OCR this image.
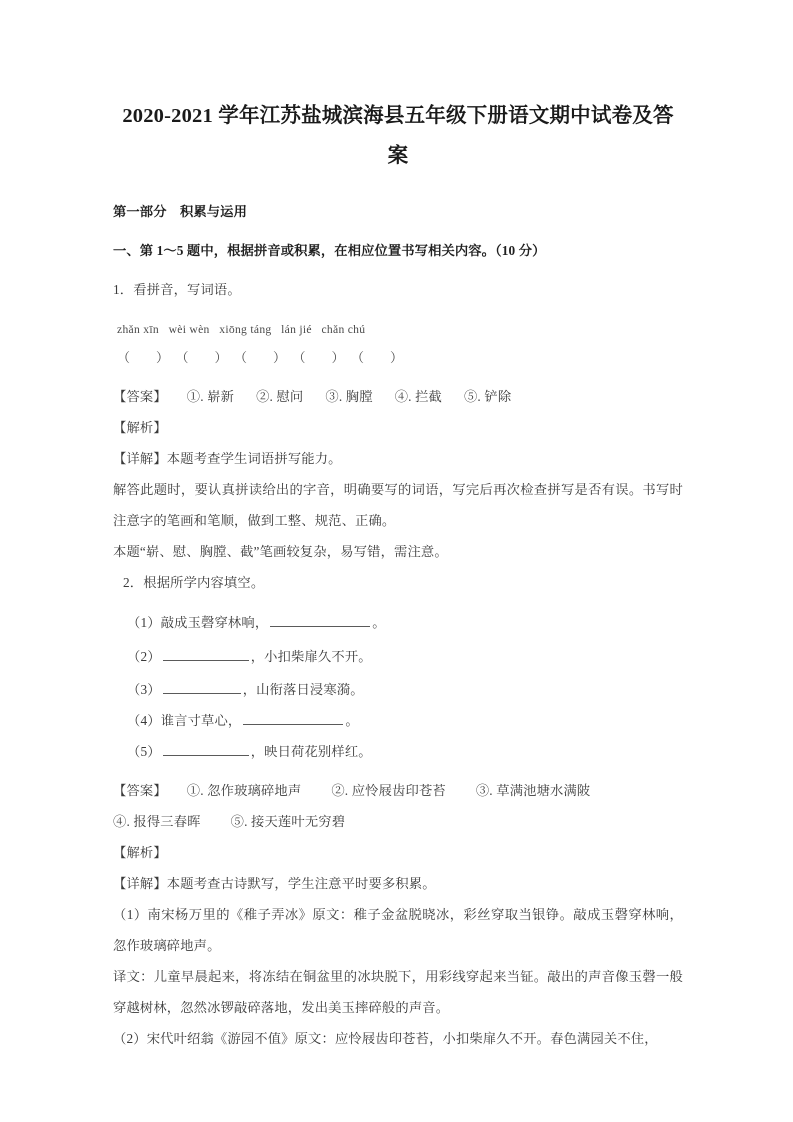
2020-2021 学年江苏盐城滨海县五年级下册语文期中试卷及答案

第一部分　积累与运用

一、第 1～5 题中，根据拼音或积累，在相应位置书写相关内容。（10 分）

1．看拼音，写词语。

zhǎn xīn   wèi wèn   xiōng táng   lán jié   chǎn chú
（        ）  （        ）  （        ）  （        ）  （        ）
【答案】 ①. 崭新 ②. 慰问 ③. 胸膛 ④. 拦截 ⑤. 铲除

【解析】

【详解】本题考查学生词语拼写能力。

解答此题时，要认真拼读给出的字音，明确要写的词语，写完后再次检查拼写是否有误。书写时注意字的笔画和笔顺，做到工整、规范、正确。

本题“崭、慰、胸膛、截”笔画较复杂，易写错，需注意。

2．根据所学内容填空。

（1）敲成玉磬穿林响，	。
（2）	，小扣柴扉久不开。
（3）	，山衔落日浸寒漪。
（4）谁言寸草心，	。
（5）	，映日荷花别样红。
【答案】 ①. 忽作玻璃碎地声 ②. 应怜屐齿印苍苔 ③. 草满池塘水满陂④. 报得三春晖 ⑤. 接天莲叶无穷碧

【解析】

【详解】本题考查古诗默写，学生注意平时要多积累。

（1）南宋杨万里的《稚子弄冰》原文：稚子金盆脱晓冰，彩丝穿取当银铮。敲成玉磬穿林响，忽作玻璃碎地声。

译文：儿童早晨起来，将冻结在铜盆里的冰块脱下，用彩线穿起来当钲。敲出的声音像玉磬一般穿越树林，忽然冰锣敲碎落地，发出美玉摔碎般的声音。

（2）宋代叶绍翁《游园不值》原文：应怜屐齿印苍苔，小扣柴扉久不开。春色满园关不住，
